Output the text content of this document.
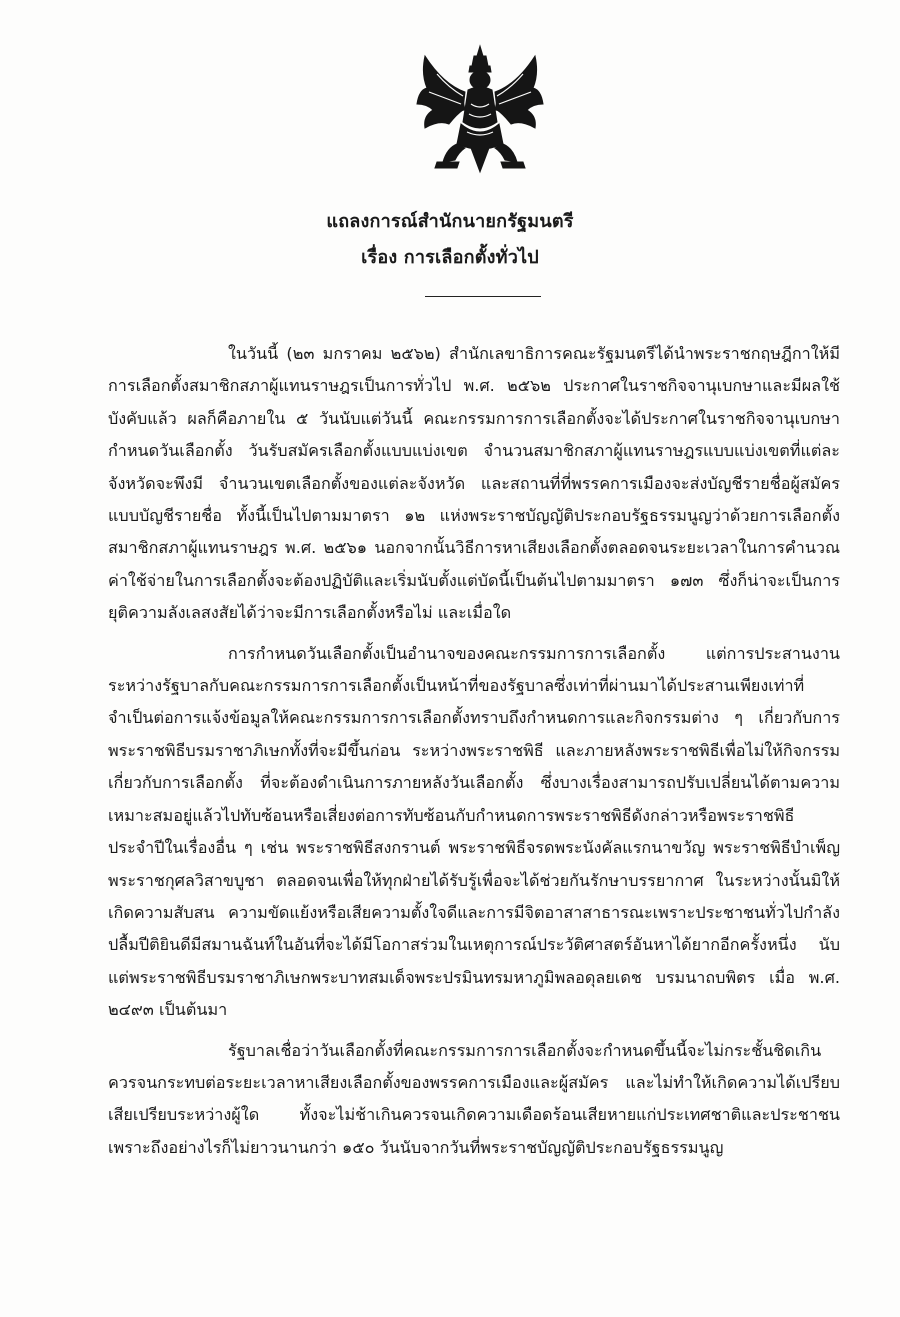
แถลงการณ์สำนักนายกรัฐมนตรี
เรื่อง การเลือกตั้งทั่วไป

ในวันนี้ (๒๓ มกราคม ๒๕๖๒) สำนักเลขาธิการคณะรัฐมนตรีได้นำพระราชกฤษฎีกาให้มีการเลือกตั้งสมาชิกสภาผู้แทนราษฎรเป็นการทั่วไป พ.ศ. ๒๕๖๒ ประกาศในราชกิจจานุเบกษาและมีผลใช้บังคับแล้ว ผลก็คือภายใน ๕ วันนับแต่วันนี้ คณะกรรมการการเลือกตั้งจะได้ประกาศในราชกิจจานุเบกษากำหนดวันเลือกตั้ง วันรับสมัครเลือกตั้งแบบแบ่งเขต จำนวนสมาชิกสภาผู้แทนราษฎรแบบแบ่งเขตที่แต่ละจังหวัดจะพึงมี จำนวนเขตเลือกตั้งของแต่ละจังหวัด และสถานที่ที่พรรคการเมืองจะส่งบัญชีรายชื่อผู้สมัครแบบบัญชีรายชื่อ ทั้งนี้เป็นไปตามมาตรา ๑๒ แห่งพระราชบัญญัติประกอบรัฐธรรมนูญว่าด้วยการเลือกตั้งสมาชิกสภาผู้แทนราษฎร พ.ศ. ๒๕๖๑ นอกจากนั้นวิธีการหาเสียงเลือกตั้งตลอดจนระยะเวลาในการคำนวณค่าใช้จ่ายในการเลือกตั้งจะต้องปฏิบัติและเริ่มนับตั้งแต่บัดนี้เป็นต้นไปตามมาตรา ๑๗๓ ซึ่งก็น่าจะเป็นการยุติความลังเลสงสัยได้ว่าจะมีการเลือกตั้งหรือไม่ และเมื่อใด

การกำหนดวันเลือกตั้งเป็นอำนาจของคณะกรรมการการเลือกตั้ง แต่การประสานงานระหว่างรัฐบาลกับคณะกรรมการการเลือกตั้งเป็นหน้าที่ของรัฐบาลซึ่งเท่าที่ผ่านมาได้ประสานเพียงเท่าที่จำเป็นต่อการแจ้งข้อมูลให้คณะกรรมการการเลือกตั้งทราบถึงกำหนดการและกิจกรรมต่าง ๆ เกี่ยวกับการพระราชพิธีบรมราชาภิเษกทั้งที่จะมีขึ้นก่อน ระหว่างพระราชพิธี และภายหลังพระราชพิธีเพื่อไม่ให้กิจกรรมเกี่ยวกับการเลือกตั้ง ที่จะต้องดำเนินการภายหลังวันเลือกตั้ง ซึ่งบางเรื่องสามารถปรับเปลี่ยนได้ตามความเหมาะสมอยู่แล้วไปทับซ้อนหรือเสี่ยงต่อการทับซ้อนกับกำหนดการพระราชพิธีดังกล่าวหรือพระราชพิธีประจำปีในเรื่องอื่น ๆ เช่น พระราชพิธีสงกรานต์ พระราชพิธีจรดพระนังคัลแรกนาขวัญ พระราชพิธีบำเพ็ญพระราชกุศลวิสาขบูชา ตลอดจนเพื่อให้ทุกฝ่ายได้รับรู้เพื่อจะได้ช่วยกันรักษาบรรยากาศ ในระหว่างนั้นมิให้เกิดความสับสน ความขัดแย้งหรือเสียความตั้งใจดีและการมีจิตอาสาสาธารณะเพราะประชาชนทั่วไปกำลังปลื้มปีติยินดีมีสมานฉันท์ในอันที่จะได้มีโอกาสร่วมในเหตุการณ์ประวัติศาสตร์อันหาได้ยากอีกครั้งหนึ่ง นับแต่พระราชพิธีบรมราชาภิเษกพระบาทสมเด็จพระปรมินทรมหาภูมิพลอดุลยเดช บรมนาถบพิตร เมื่อ พ.ศ. ๒๔๙๓ เป็นต้นมา

รัฐบาลเชื่อว่าวันเลือกตั้งที่คณะกรรมการการเลือกตั้งจะกำหนดขึ้นนี้จะไม่กระชั้นชิดเกินควรจนกระทบต่อระยะเวลาหาเสียงเลือกตั้งของพรรคการเมืองและผู้สมัคร และไม่ทำให้เกิดความได้เปรียบเสียเปรียบระหว่างผู้ใด ทั้งจะไม่ช้าเกินควรจนเกิดความเดือดร้อนเสียหายแก่ประเทศชาติและประชาชน เพราะถึงอย่างไรก็ไม่ยาวนานกว่า ๑๕๐ วันนับจากวันที่พระราชบัญญัติประกอบรัฐธรรมนูญ
